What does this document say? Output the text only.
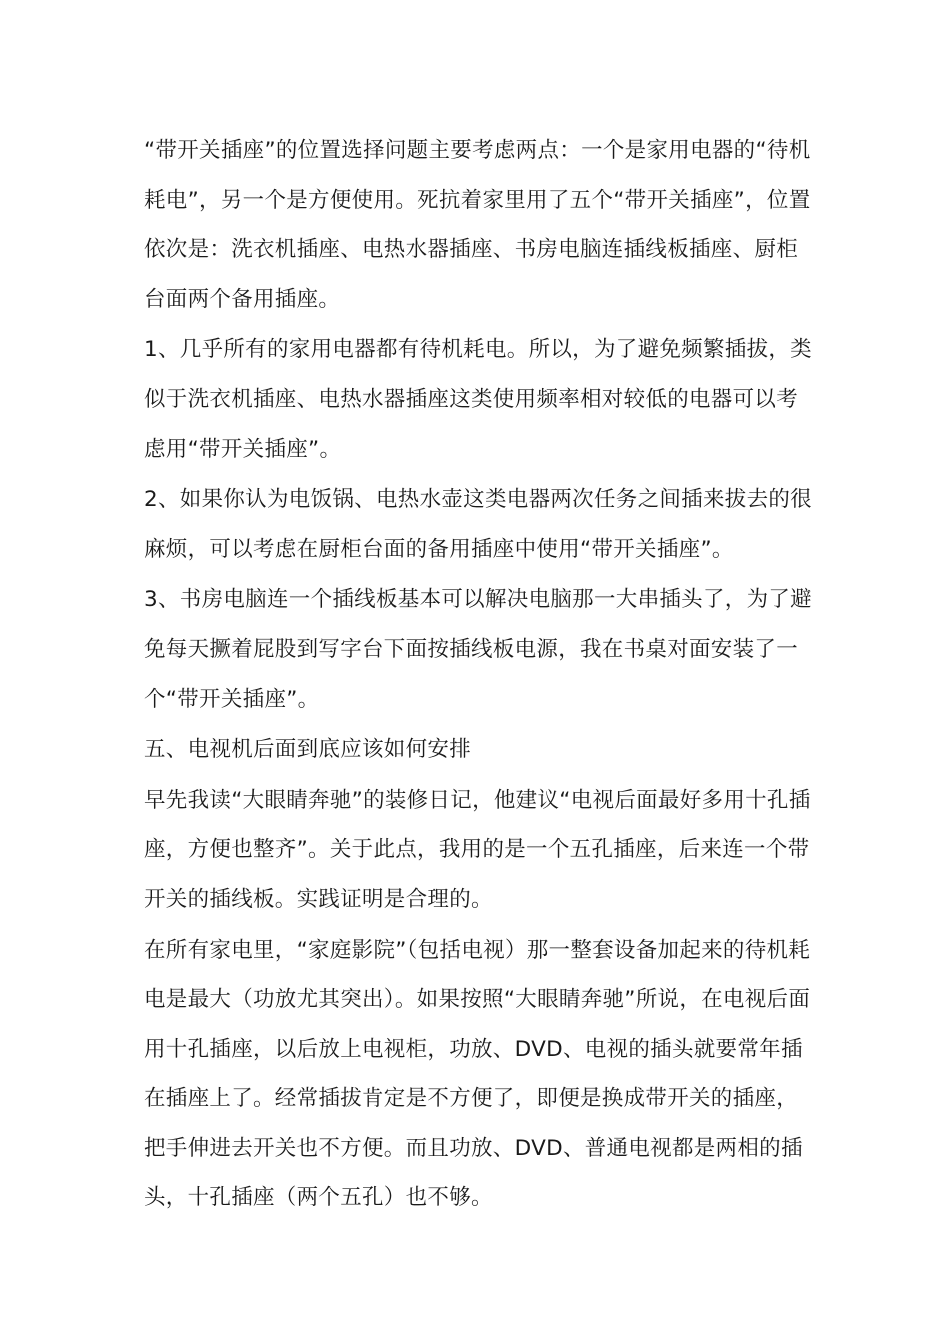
“带开关插座”的位置选择问题主要考虑两点：一个是家用电器的“待机耗电”，另一个是方便使用。死抗着家里用了五个“带开关插座”，位置依次是：洗衣机插座、电热水器插座、书房电脑连插线板插座、厨柜台面两个备用插座。

1、几乎所有的家用电器都有待机耗电。所以，为了避免频繁插拔，类似于洗衣机插座、电热水器插座这类使用频率相对较低的电器可以考虑用“带开关插座”。

2、如果你认为电饭锅、电热水壶这类电器两次任务之间插来拔去的很麻烦，可以考虑在厨柜台面的备用插座中使用“带开关插座”。

3、书房电脑连一个插线板基本可以解决电脑那一大串插头了，为了避免每天撅着屁股到写字台下面按插线板电源，我在书桌对面安装了一个“带开关插座”。

五、电视机后面到底应该如何安排

早先我读“大眼睛奔驰”的装修日记，他建议“电视后面最好多用十孔插座，方便也整齐”。关于此点，我用的是一个五孔插座，后来连一个带开关的插线板。实践证明是合理的。

在所有家电里，“家庭影院”（包括电视）那一整套设备加起来的待机耗电是最大（功放尤其突出）。如果按照“大眼睛奔驰”所说，在电视后面用十孔插座，以后放上电视柜，功放、DVD、电视的插头就要常年插在插座上了。经常插拔肯定是不方便了，即便是换成带开关的插座，把手伸进去开关也不方便。而且功放、DVD、普通电视都是两相的插头，十孔插座（两个五孔）也不够。
